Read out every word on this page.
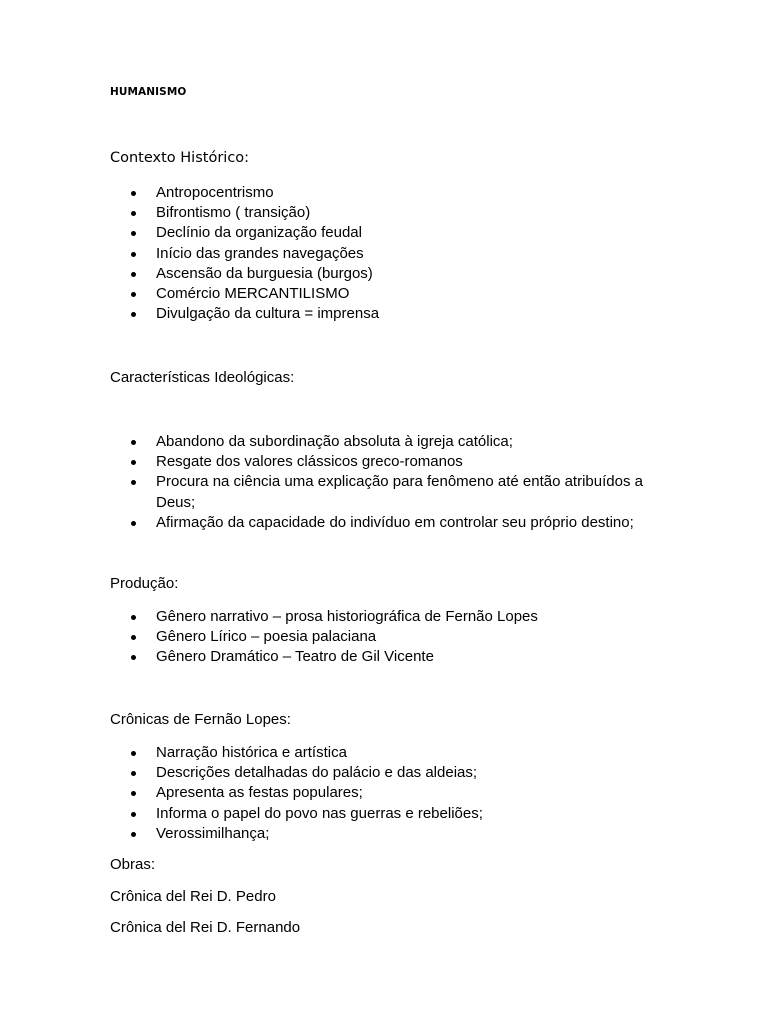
HUMANISMO
Contexto Histórico:
Antropocentrismo
Bifrontismo ( transição)
Declínio da organização feudal
Início das grandes navegações
Ascensão da burguesia (burgos)
Comércio MERCANTILISMO
Divulgação da cultura = imprensa
Características Ideológicas:
Abandono da subordinação absoluta à igreja católica;
Resgate dos valores clássicos greco-romanos
Procura na ciência uma explicação para fenômeno até então atribuídos a Deus;
Afirmação da capacidade do indivíduo em controlar seu próprio destino;
Produção:
Gênero narrativo – prosa historiográfica de Fernão Lopes
Gênero Lírico – poesia palaciana
Gênero Dramático – Teatro de Gil Vicente
Crônicas de Fernão Lopes:
Narração histórica e artística
Descrições detalhadas do palácio e das aldeias;
Apresenta as festas populares;
Informa o papel do povo nas guerras e rebeliões;
Verossimilhança;
Obras:

Crônica del Rei D. Pedro

Crônica del Rei D. Fernando
